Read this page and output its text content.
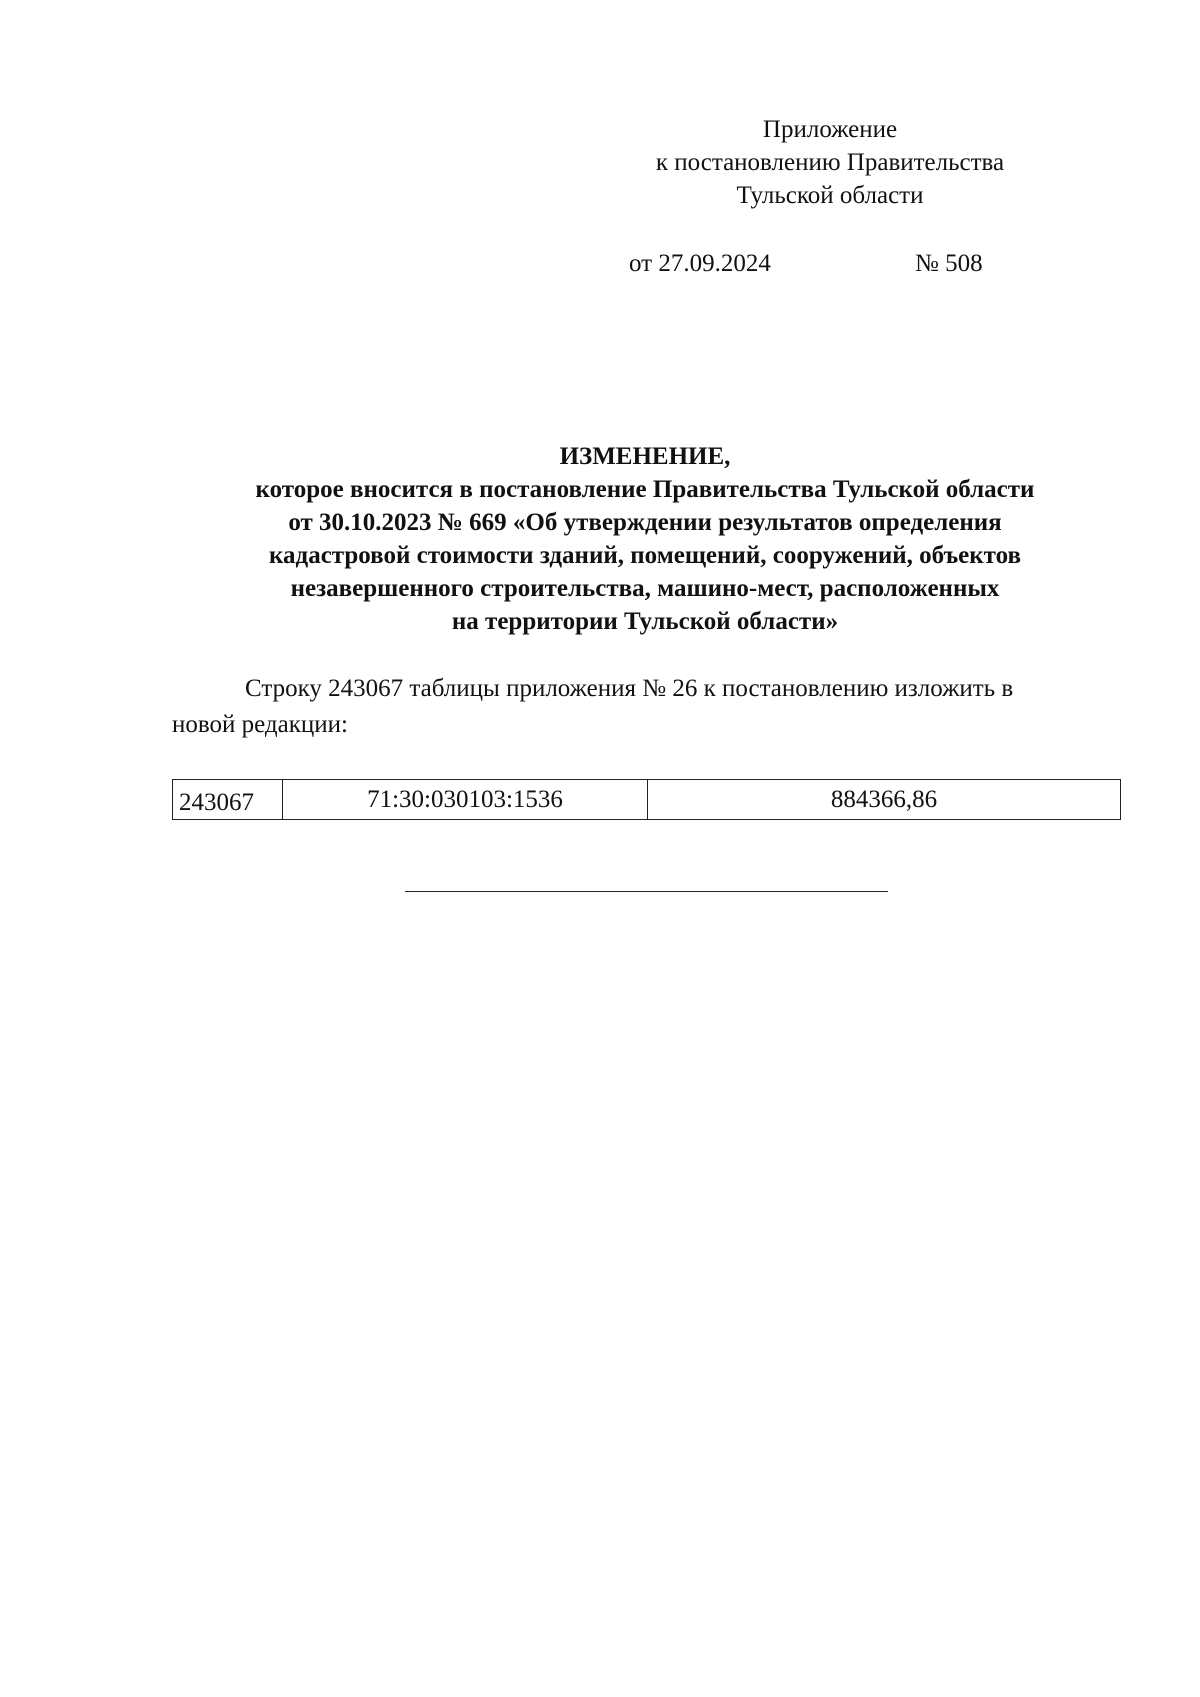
Приложение
к постановлению Правительства
Тульской области
от 27.09.2024	№ 508
ИЗМЕНЕНИЕ,
которое вносится в постановление Правительства Тульской области
от 30.10.2023 № 669 «Об утверждении результатов определения
кадастровой стоимости зданий, помещений, сооружений, объектов
незавершенного строительства, машино-мест, расположенных
на территории Тульской области»
Строку 243067 таблицы приложения № 26 к постановлению изложить в
новой редакции:
243067	71:30:030103:1536	884366,86
